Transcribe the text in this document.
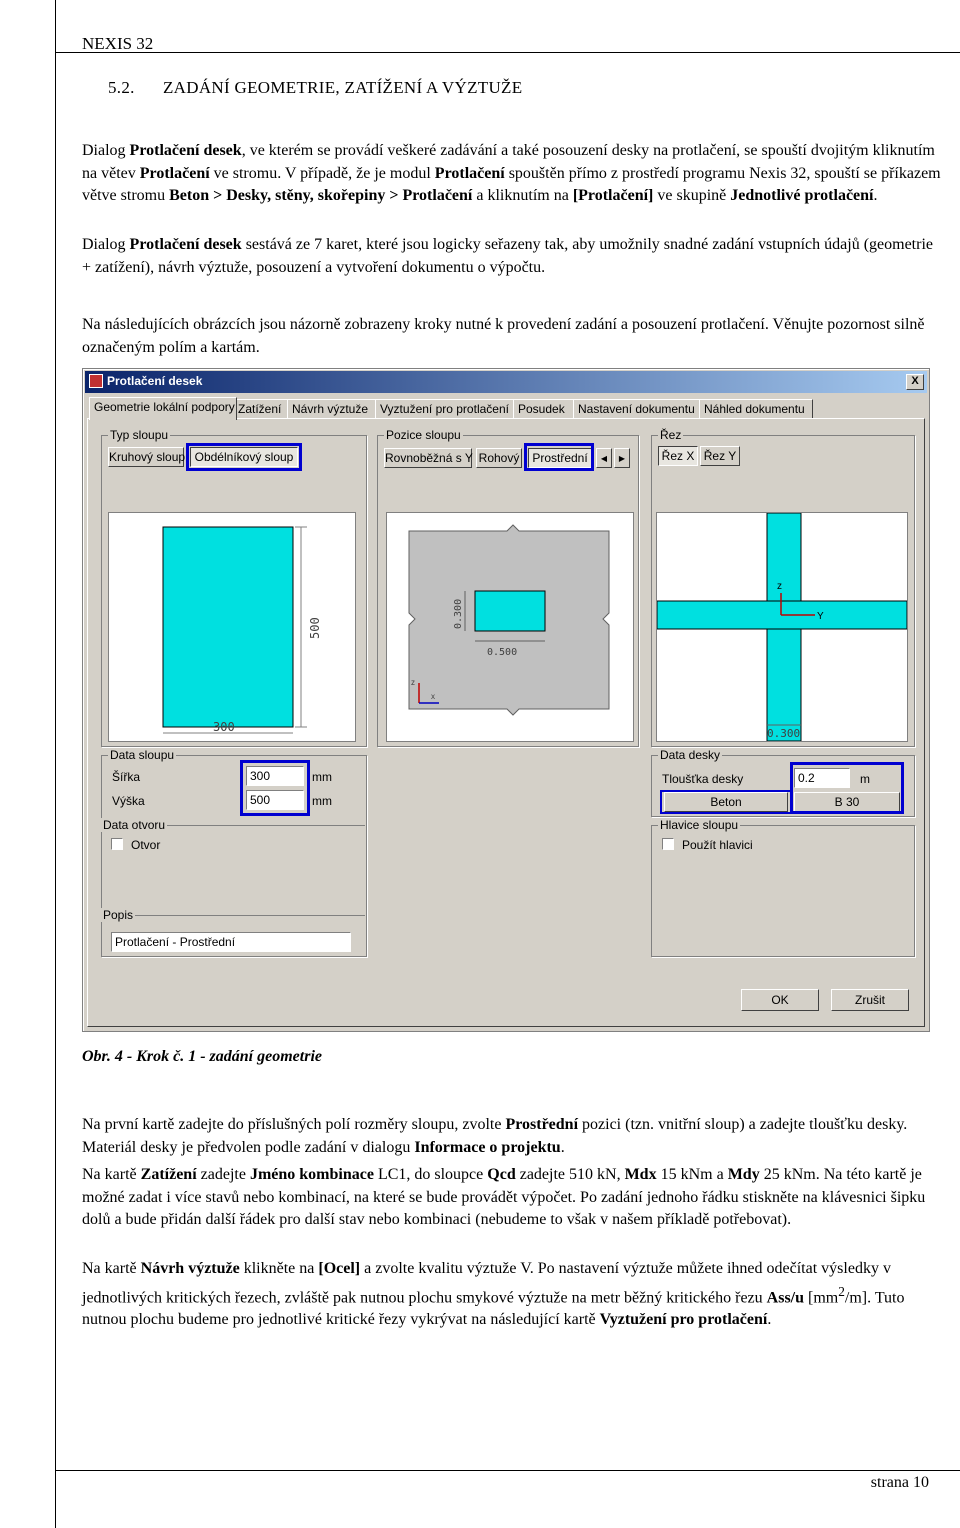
NEXIS 32
5.2. ZADÁNÍ GEOMETRIE, ZATÍŽENÍ A VÝZTUŽE
Dialog Protlačení desek, ve kterém se provádí veškeré zadávání a také posouzení desky na protlačení, se spouští dvojitým kliknutím na větev Protlačení ve stromu. V případě, že je modul Protlačení spouštěn přímo z prostředí programu Nexis 32, spouští se příkazem větve stromu Beton > Desky, stěny, skořepiny > Protlačení a kliknutím na [Protlačení] ve skupině Jednotlivé protlačení.
Dialog Protlačení desek sestává ze 7 karet, které jsou logicky seřazeny tak, aby umožnily snadné zadání vstupních údajů (geometrie + zatížení), návrh výztuže, posouzení a vytvoření dokumentu o výpočtu.
Na následujících obrázcích jsou názorně zobrazeny kroky nutné k provedení zadání a posouzení protlačení. Věnujte pozornost silně označeným polím a kartám.
Protlačení desek	X
Geometrie lokální podpory Zatížení Návrh výztuže Vyztužení pro protlačení Posudek	Nastavení dokumentu Náhled dokumentu
Typ sloupu
Kruhový sloup Obdélníkový sloup
500
300
Pozice sloupu
Rovnoběžná s Y Rohový	Prostřední	◀	▶
0.300
0.500
z
x
Řez
Řez X Řez Y
z
Y
0.300
Data sloupu
Šířka	300	mm
Výška	500	mm
Data otvoru
Otvor
Popis
Protlačení - Prostřední
Data desky
Tloušťka desky	0.2	m
Beton	B 30
Hlavice sloupu
Použít hlavici
OK	Zrušit
Obr. 4 - Krok č. 1 - zadání geometrie
Na první kartě zadejte do příslušných polí rozměry sloupu, zvolte Prostřední pozici (tzn. vnitřní sloup) a zadejte tloušťku desky. Materiál desky je předvolen podle zadání v dialogu Informace o projektu.
Na kartě Zatížení zadejte Jméno kombinace LC1, do sloupce Qcd zadejte 510 kN, Mdx 15 kNm a Mdy 25 kNm. Na této kartě je možné zadat i více stavů nebo kombinací, na které se bude provádět výpočet. Po zadání jednoho řádku stiskněte na klávesnici šipku dolů a bude přidán další řádek pro další stav nebo kombinaci (nebudeme to však v našem příkladě potřebovat).
Na kartě Návrh výztuže klikněte na [Ocel] a zvolte kvalitu výztuže V. Po nastavení výztuže můžete ihned odečítat výsledky v jednotlivých kritických řezech, zvláště pak nutnou plochu smykové výztuže na metr běžný kritického řezu Ass/u $[mm^2/m]$. Tuto nutnou plochu budeme pro jednotlivé kritické řezy vykrývat na následující kartě Vyztužení pro protlačení.
strana 10
